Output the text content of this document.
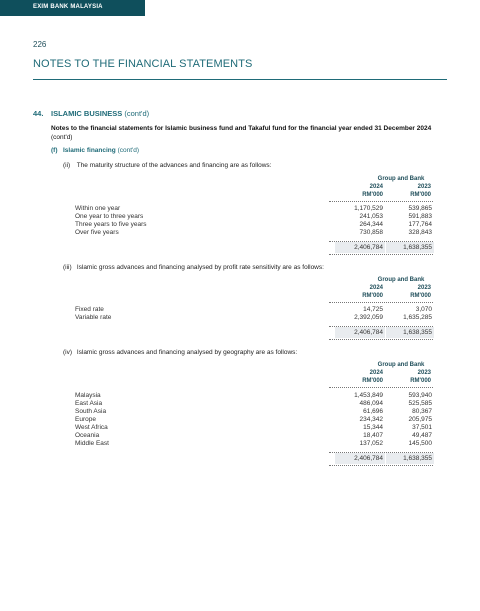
EXIM BANK MALAYSIA
226
NOTES TO THE FINANCIAL STATEMENTS
44. ISLAMIC BUSINESS (cont'd)
Notes to the financial statements for Islamic business fund and Takaful fund for the financial year ended 31 December 2024
(cont'd)
(f) Islamic financing (cont'd)
(ii) The maturity structure of the advances and financing are as follows:
Group and Bank
2024	2023
RM'000	RM'000
Within one year	1,170,529	539,865
One year to three years	241,053	591,883
Three years to five years	264,344	177,764
Over five years	730,858	328,843
2,406,784	1,638,355
(iii) Islamic gross advances and financing analysed by profit rate sensitivity are as follows:
Group and Bank
2024	2023
RM'000	RM'000
Fixed rate	14,725	3,070
Variable rate	2,392,059	1,635,285
2,406,784	1,638,355
(iv) Islamic gross advances and financing analysed by geography are as follows:
Group and Bank
2024	2023
RM'000	RM'000
Malaysia	1,453,849	593,940
East Asia	486,094	525,585
South Asia	61,696	80,367
Europe	234,342	205,975
West Africa	15,344	37,501
Oceania	18,407	49,487
Middle East	137,052	145,500
2,406,784	1,638,355
